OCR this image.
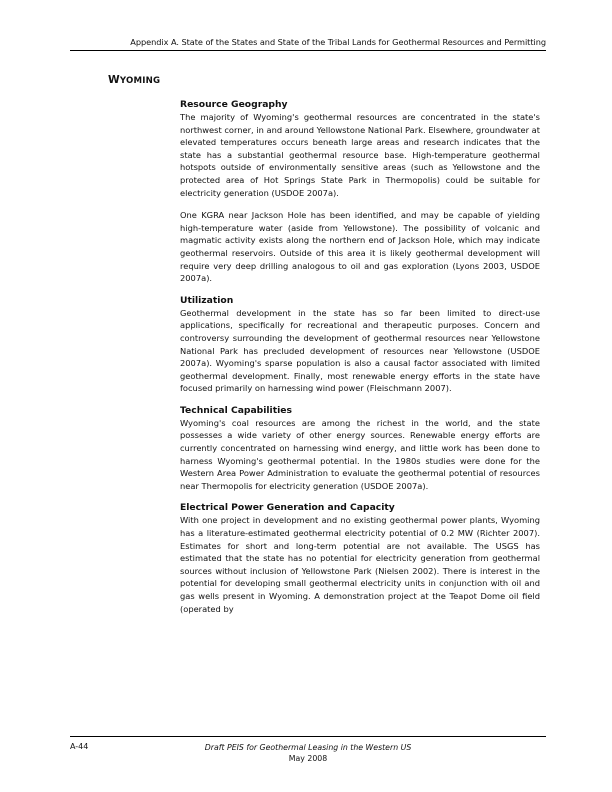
Appendix A. State of the States and State of the Tribal Lands for Geothermal Resources and Permitting
WYOMING

Resource Geography

The majority of Wyoming's geothermal resources are concentrated in the state's northwest corner, in and around Yellowstone National Park. Elsewhere, groundwater at elevated temperatures occurs beneath large areas and research indicates that the state has a substantial geothermal resource base. High-temperature geothermal hotspots outside of environmentally sensitive areas (such as Yellowstone and the protected area of Hot Springs State Park in Thermopolis) could be suitable for electricity generation (USDOE 2007a).

One KGRA near Jackson Hole has been identified, and may be capable of yielding high-temperature water (aside from Yellowstone). The possibility of volcanic and magmatic activity exists along the northern end of Jackson Hole, which may indicate geothermal reservoirs. Outside of this area it is likely geothermal development will require very deep drilling analogous to oil and gas exploration (Lyons 2003, USDOE 2007a).

Utilization

Geothermal development in the state has so far been limited to direct-use applications, specifically for recreational and therapeutic purposes. Concern and controversy surrounding the development of geothermal resources near Yellowstone National Park has precluded development of resources near Yellowstone (USDOE 2007a). Wyoming's sparse population is also a causal factor associated with limited geothermal development. Finally, most renewable energy efforts in the state have focused primarily on harnessing wind power (Fleischmann 2007).

Technical Capabilities

Wyoming's coal resources are among the richest in the world, and the state possesses a wide variety of other energy sources. Renewable energy efforts are currently concentrated on harnessing wind energy, and little work has been done to harness Wyoming's geothermal potential. In the 1980s studies were done for the Western Area Power Administration to evaluate the geothermal potential of resources near Thermopolis for electricity generation (USDOE 2007a).

Electrical Power Generation and Capacity

With one project in development and no existing geothermal power plants, Wyoming has a literature-estimated geothermal electricity potential of 0.2 MW (Richter 2007). Estimates for short and long-term potential are not available. The USGS has estimated that the state has no potential for electricity generation from geothermal sources without inclusion of Yellowstone Park (Nielsen 2002). There is interest in the potential for developing small geothermal electricity units in conjunction with oil and gas wells present in Wyoming. A demonstration project at the Teapot Dome oil field (operated by

A-44	Draft PEIS for Geothermal Leasing in the Western US
May 2008
